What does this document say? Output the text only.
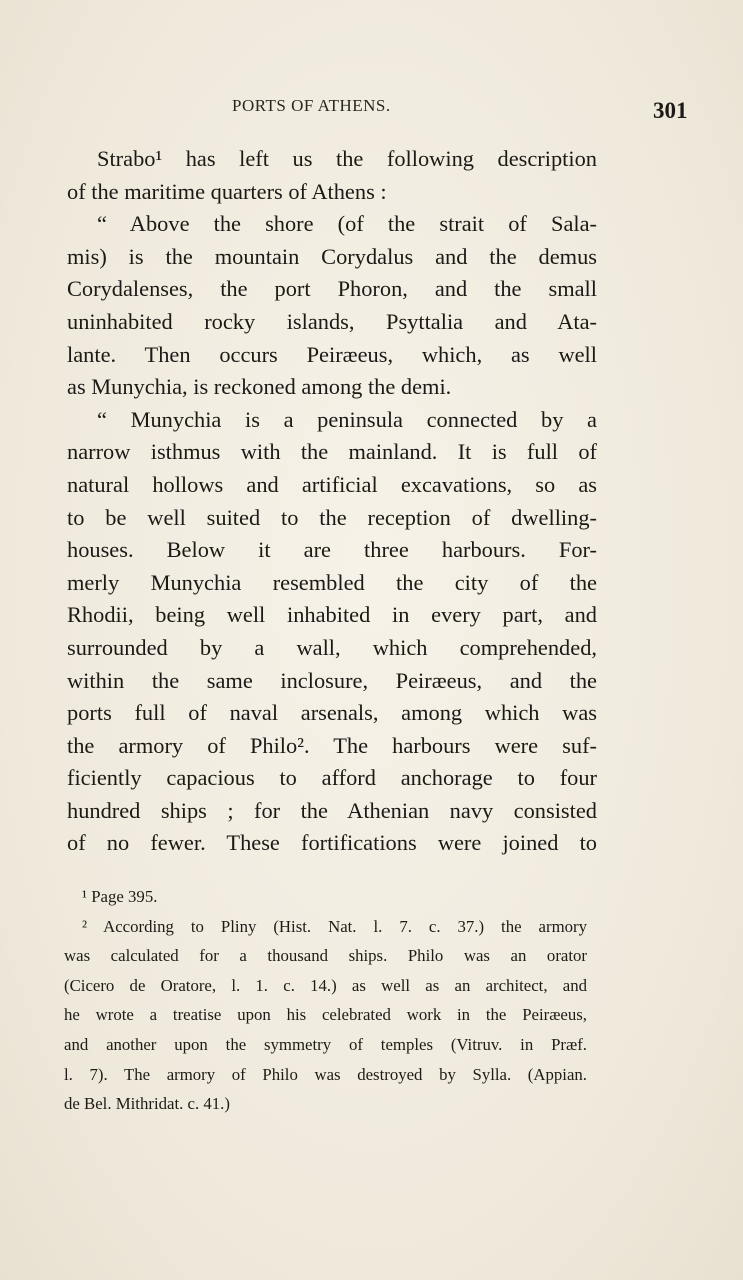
PORTS OF ATHENS.	301
Strabo¹ has left us the following description
of the maritime quarters of Athens :
“ Above the shore (of the strait of Sala-
mis) is the mountain Corydalus and the demus
Corydalenses, the port Phoron, and the small
uninhabited rocky islands, Psyttalia and Ata-
lante. Then occurs Peiræeus, which, as well
as Munychia, is reckoned among the demi.
“ Munychia is a peninsula connected by a
narrow isthmus with the mainland. It is full of
natural hollows and artificial excavations, so as
to be well suited to the reception of dwelling-
houses. Below it are three harbours. For-
merly Munychia resembled the city of the
Rhodii, being well inhabited in every part, and
surrounded by a wall, which comprehended,
within the same inclosure, Peiræeus, and the
ports full of naval arsenals, among which was
the armory of Philo². The harbours were suf-
ficiently capacious to afford anchorage to four
hundred ships ; for the Athenian navy consisted
of no fewer. These fortifications were joined to
¹ Page 395.
² According to Pliny (Hist. Nat. l. 7. c. 37.) the armory
was calculated for a thousand ships. Philo was an orator
(Cicero de Oratore, l. 1. c. 14.) as well as an architect, and
he wrote a treatise upon his celebrated work in the Peiræeus,
and another upon the symmetry of temples (Vitruv. in Præf.
l. 7). The armory of Philo was destroyed by Sylla. (Appian.
de Bel. Mithridat. c. 41.)
